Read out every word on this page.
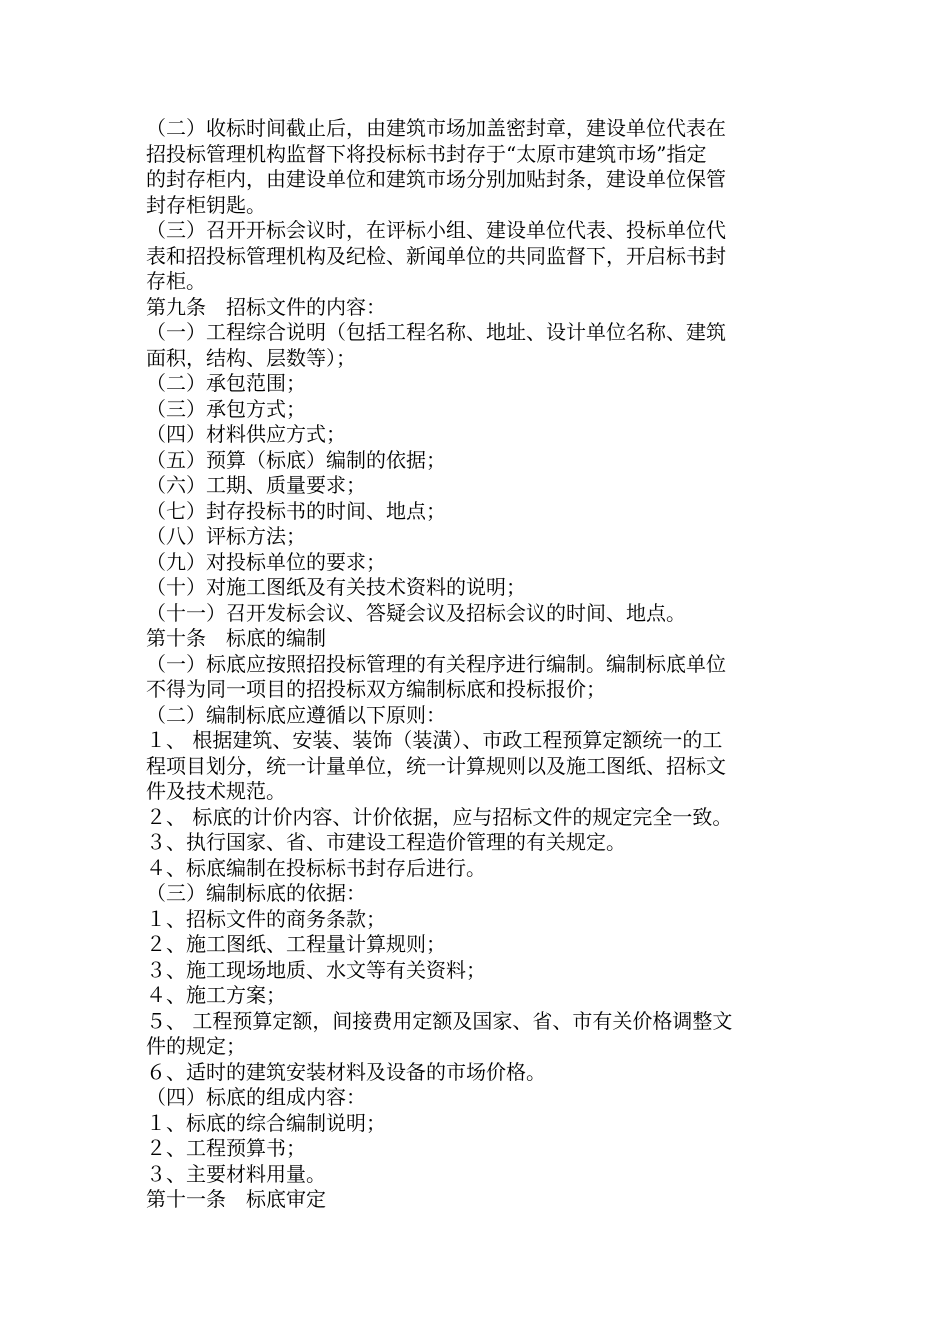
（二）收标时间截止后，由建筑市场加盖密封章，建设单位代表在
招投标管理机构监督下将投标标书封存于“太原市建筑市场”指定
的封存柜内，由建设单位和建筑市场分别加贴封条，建设单位保管
封存柜钥匙。
（三）召开开标会议时，在评标小组、建设单位代表、投标单位代
表和招投标管理机构及纪检、新闻单位的共同监督下，开启标书封
存柜。
第九条　招标文件的内容：
（一）工程综合说明（包括工程名称、地址、设计单位名称、建筑
面积，结构、层数等）；
（二）承包范围；
（三）承包方式；
（四）材料供应方式；
（五）预算（标底）编制的依据；
（六）工期、质量要求；
（七）封存投标书的时间、地点；
（八）评标方法；
（九）对投标单位的要求；
（十）对施工图纸及有关技术资料的说明；
（十一）召开发标会议、答疑会议及招标会议的时间、地点。
第十条　标底的编制
（一）标底应按照招投标管理的有关程序进行编制。编制标底单位
不得为同一项目的招投标双方编制标底和投标报价；
（二）编制标底应遵循以下原则：
１、 根据建筑、安装、装饰（装潢）、市政工程预算定额统一的工
程项目划分，统一计量单位，统一计算规则以及施工图纸、招标文
件及技术规范。
２、 标底的计价内容、计价依据，应与招标文件的规定完全一致。
３、执行国家、省、市建设工程造价管理的有关规定。
４、标底编制在投标标书封存后进行。
（三）编制标底的依据：
１、招标文件的商务条款；
２、施工图纸、工程量计算规则；
３、施工现场地质、水文等有关资料；
４、施工方案；
５、 工程预算定额，间接费用定额及国家、省、市有关价格调整文
件的规定；
６、适时的建筑安装材料及设备的市场价格。
（四）标底的组成内容：
１、标底的综合编制说明；
２、工程预算书；
３、主要材料用量。
第十一条　标底审定
